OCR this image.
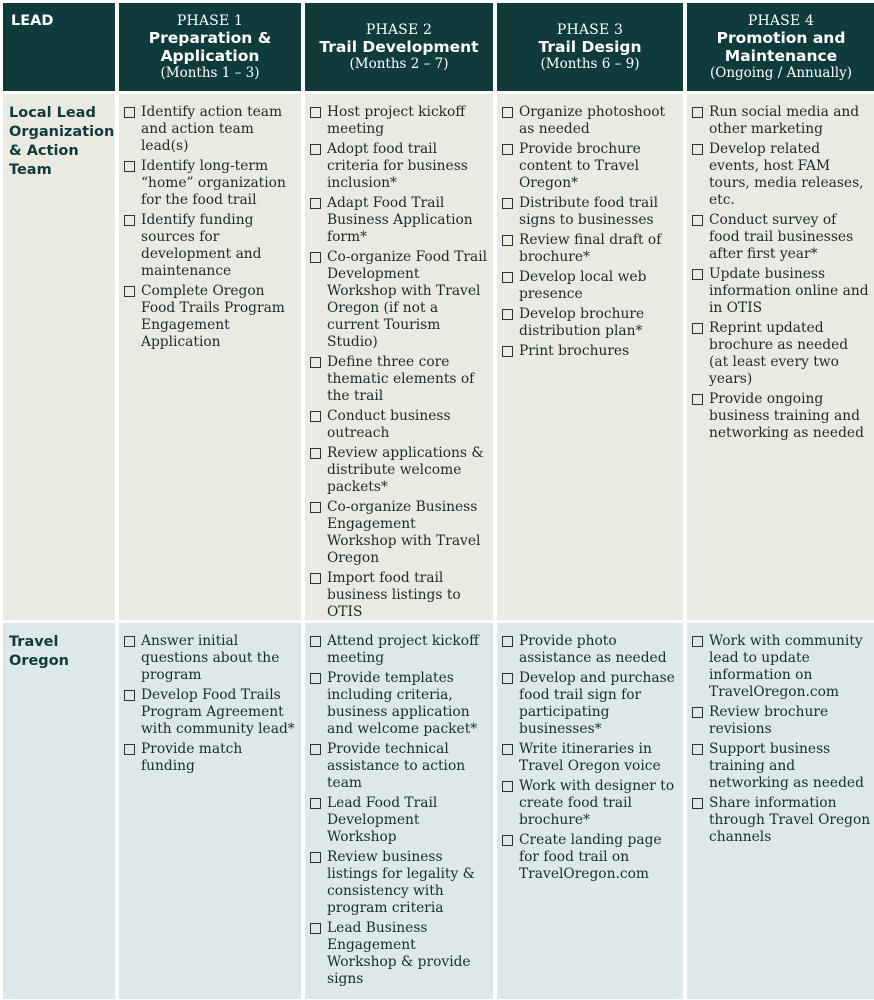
LEAD	PHASE 1
Preparation &
Application
(Months 1 – 3)
PHASE 2
Trail Development
(Months 2 – 7)
PHASE 3
Trail Design
(Months 6 – 9)
PHASE 4
Promotion and
Maintenance
(Ongoing / Annually)
Local Lead Organization & Action Team
Identify action team and action team lead(s)
Identify long-term “home” organization for the food trail
Identify funding sources for development and maintenance
Complete Oregon Food Trails Program Engagement Application
Host project kickoff meeting
Adopt food trail criteria for business inclusion*
Adapt Food Trail Business Application form*
Co-organize Food Trail Development Workshop with Travel Oregon (if not a current Tourism Studio)
Define three core thematic elements of the trail
Conduct business outreach
Review applications & distribute welcome packets*
Co-organize Business Engagement Workshop with Travel Oregon
Import food trail business listings to OTIS
Organize photoshoot as needed
Provide brochure content to Travel Oregon*
Distribute food trail signs to businesses
Review final draft of brochure*
Develop local web presence
Develop brochure distribution plan*
Print brochures
Run social media and other marketing
Develop related events, host FAM tours, media releases, etc.
Conduct survey of food trail businesses after first year*
Update business information online and in OTIS
Reprint updated brochure as needed (at least every two years)
Provide ongoing business training and networking as needed
Travel Oregon
Answer initial questions about the program
Develop Food Trails Program Agreement with community lead*
Provide match funding
Attend project kickoff meeting
Provide templates including criteria, business application and welcome packet*
Provide technical assistance to action team
Lead Food Trail Development Workshop
Review business listings for legality & consistency with program criteria
Lead Business Engagement Workshop & provide signs
Provide photo assistance as needed
Develop and purchase food trail sign for participating businesses*
Write itineraries in Travel Oregon voice
Work with designer to create food trail brochure*
Create landing page for food trail on TravelOregon.com
Work with community lead to update information on TravelOregon.com
Review brochure revisions
Support business training and networking as needed
Share information through Travel Oregon channels
